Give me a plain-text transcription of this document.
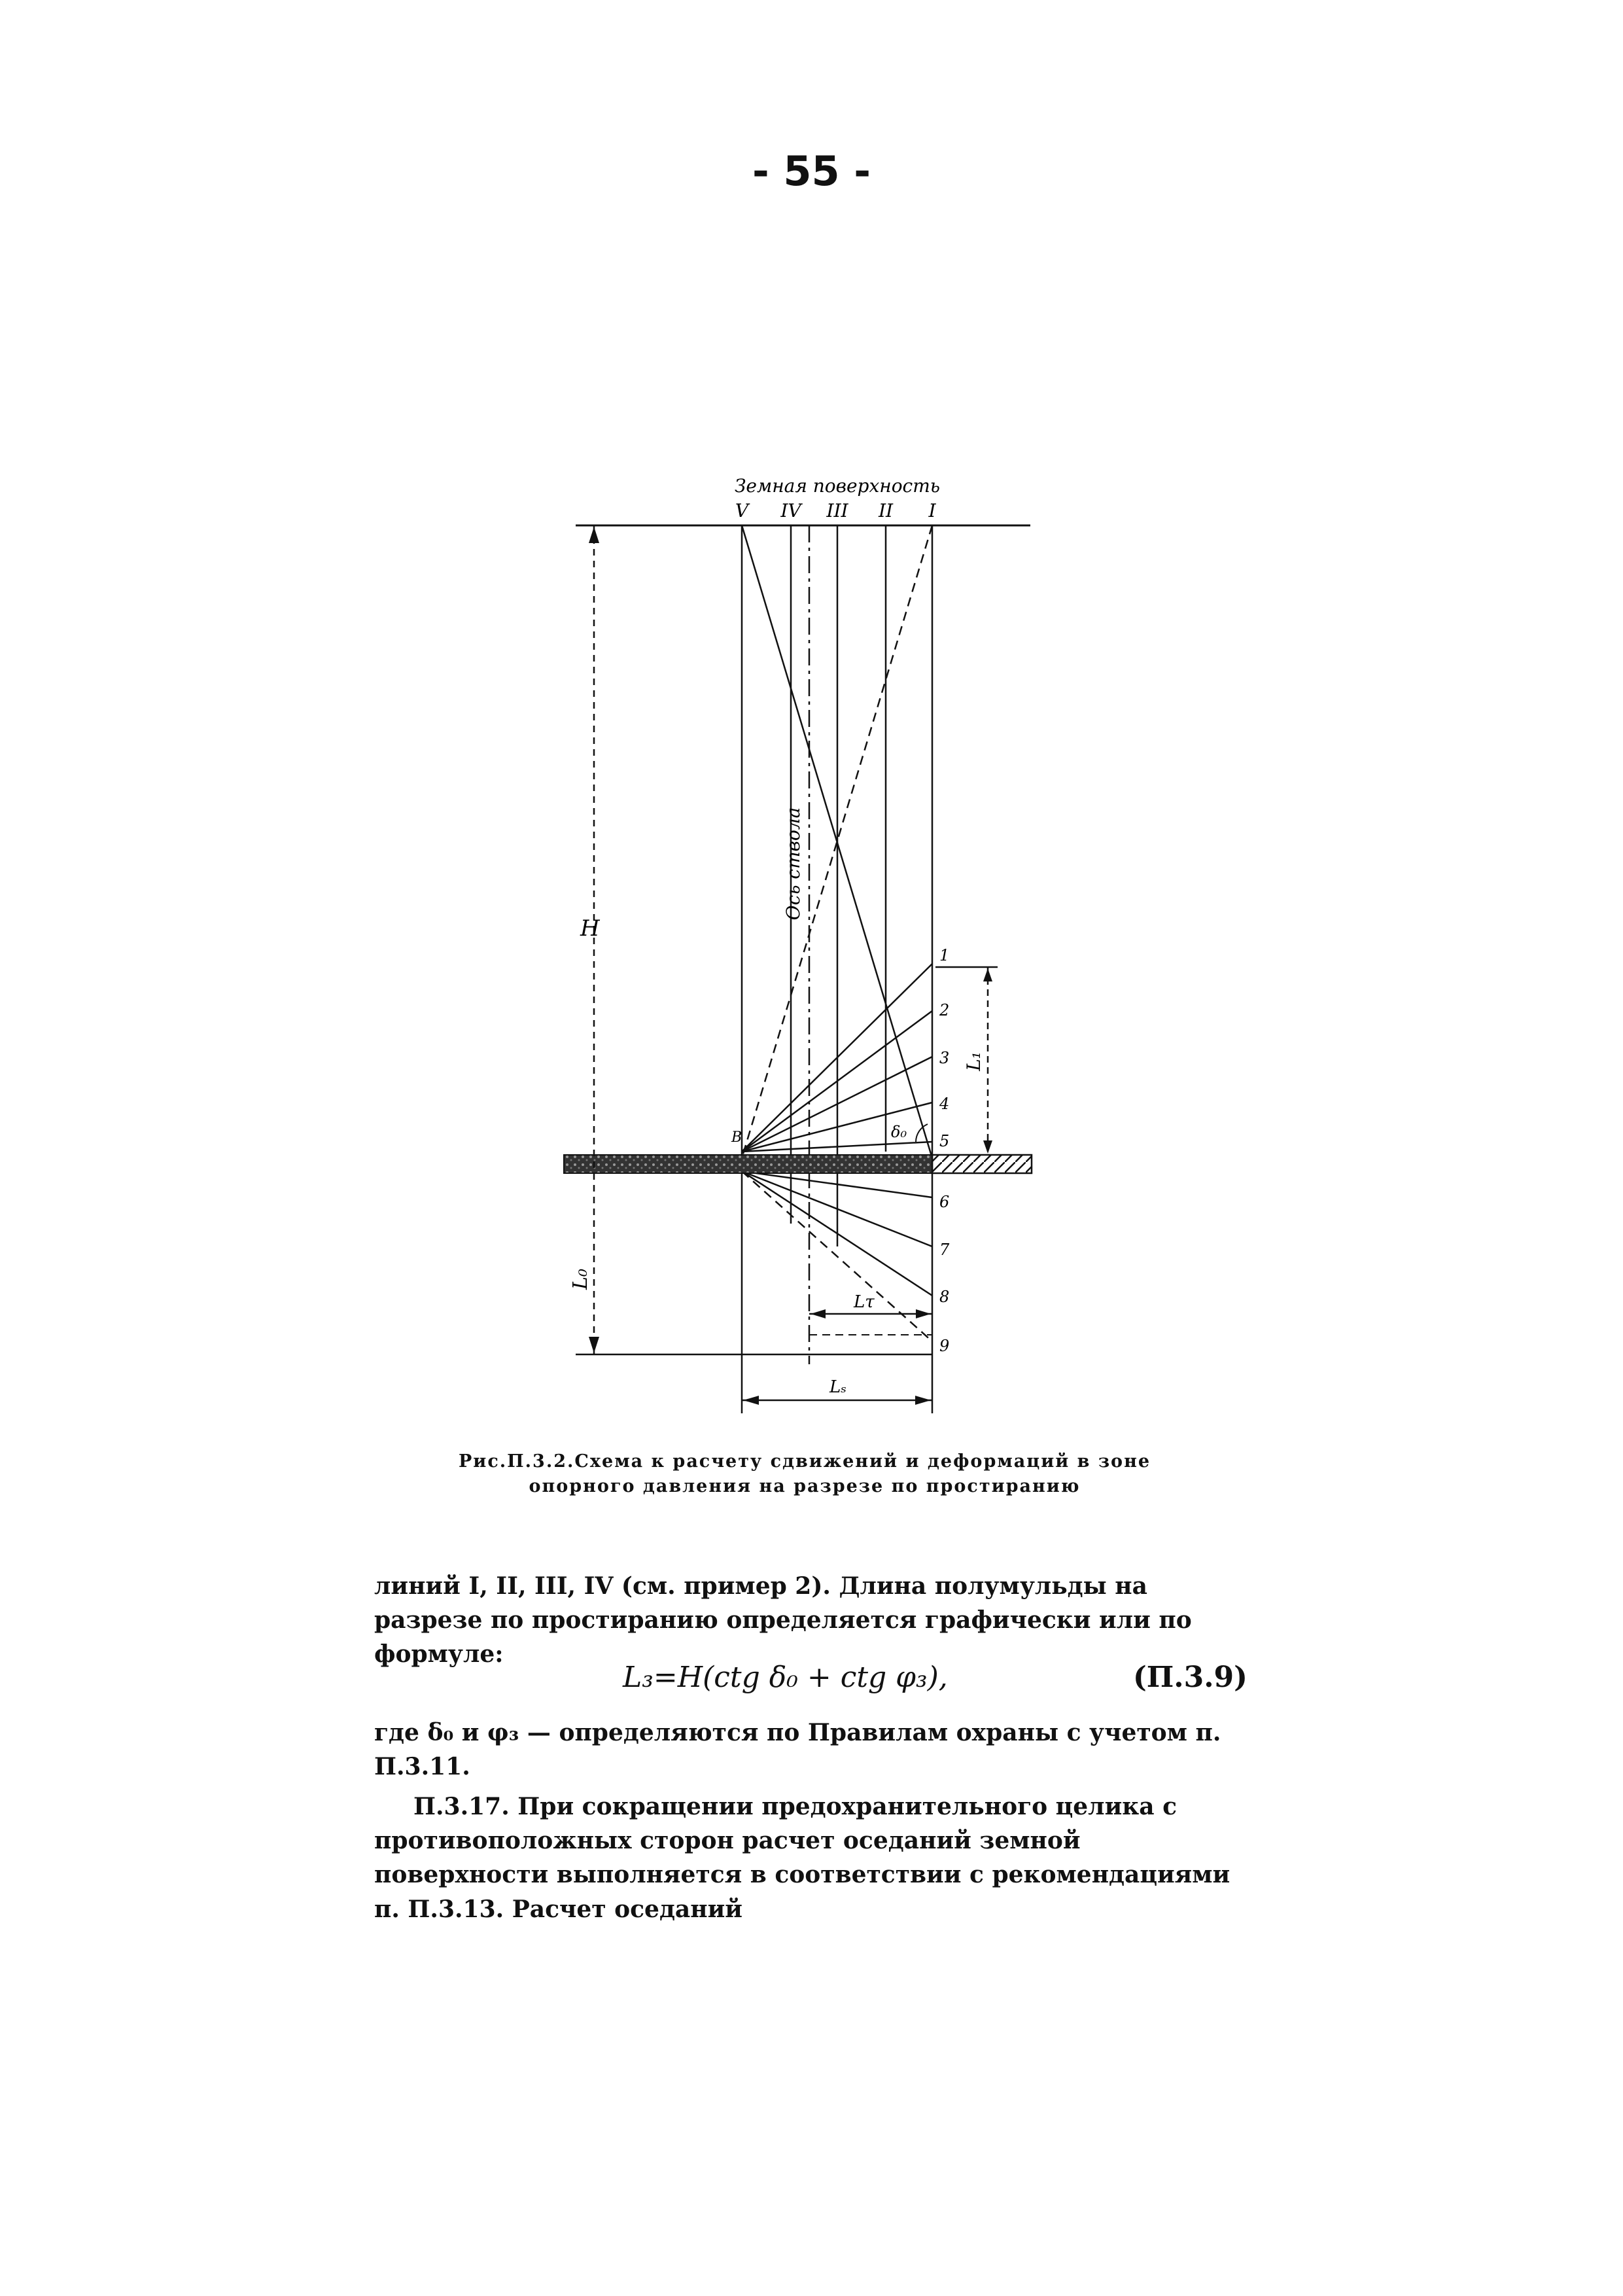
- 55 -
Земная поверхность
V IV III II I
Ось ствола
B	δ₀
H
L₀
L₁
1
2
3
4
5
6
7
8
9
Lτ
Lₛ
Рис.П.3.2.Схема к расчету сдвижений и деформаций в зоне опорного давления на разрезе по простиранию
линий I, II, III, IV (см. пример 2). Длина полумульды на разрезе по простиранию определяется графически или по формуле:
L₃=H(ctg δ₀ + ctg φ₃),	(П.3.9)
где δ₀ и φ₃ — определяются по Правилам охраны с учетом п. П.3.11.
П.3.17. При сокращении предохранительного целика с противоположных сторон расчет оседаний земной поверхности выполняется в соответствии с рекомендациями п. П.3.13. Расчет оседаний
